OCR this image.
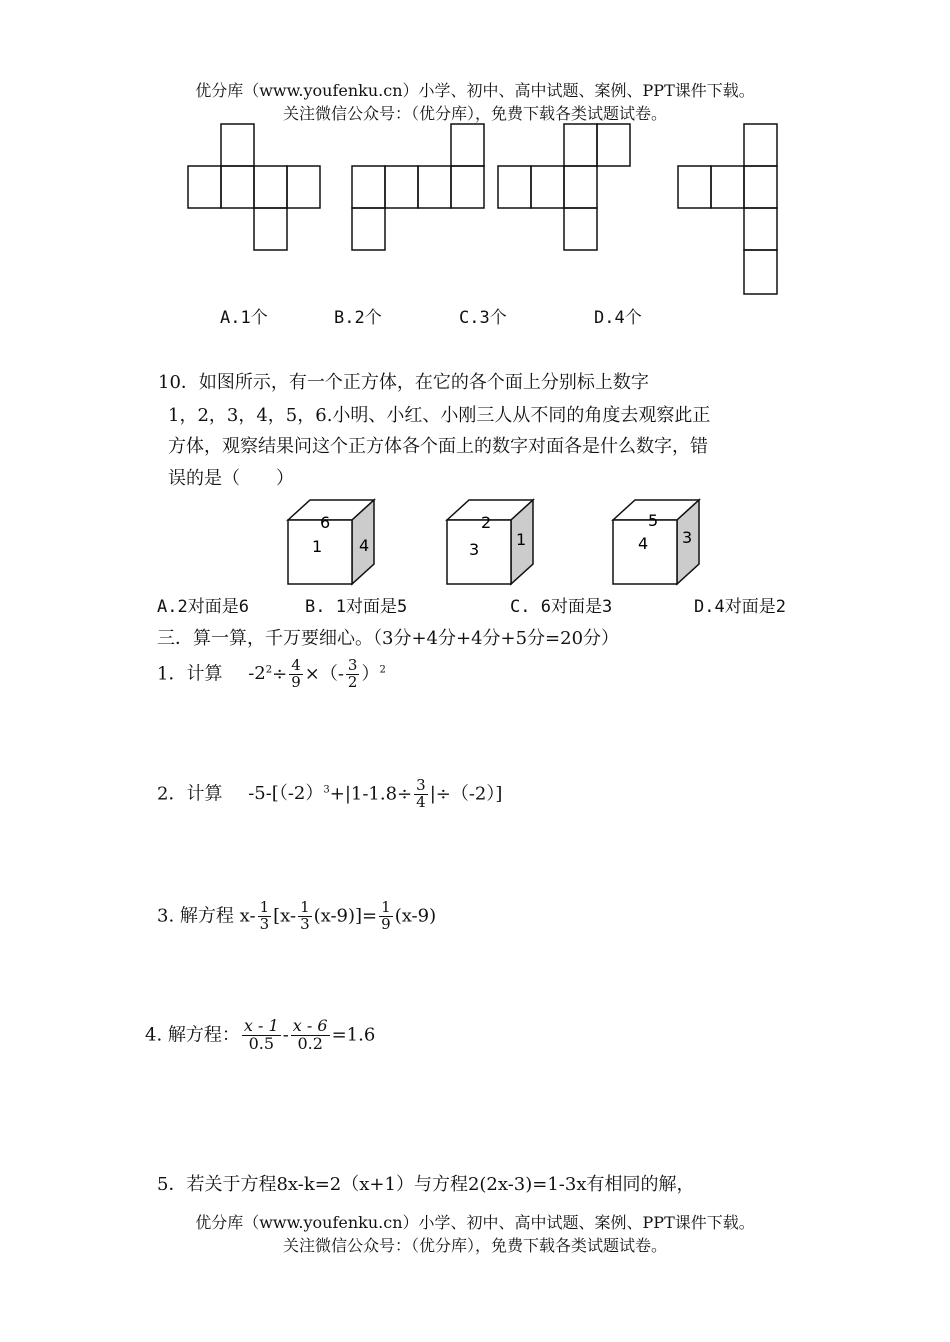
优分库（www.youfenku.cn）小学、初中、高中试题、案例、PPT课件下载。
关注微信公众号：（优分库），免费下载各类试题试卷。
A.1个	B.2个	C.3个	D.4个
10．如图所示，有一个正方体，在它的各个面上分别标上数字
1，2，3，4，5，6.小明、小红、小刚三人从不同的角度去观察此正
方体，观察结果问这个正方体各个面上的数字对面各是什么数字，错
误的是（　　）
6
1 4
2
3
1
5
4 3
A.2对面是6	B. 1对面是5	C. 6对面是3	D.4对面是2
三．算一算，千万要细心。（3分+4分+4分+5分=20分）
1．计算 $-2^2\div \frac{4}{9}$ ×（- $\frac{3}{2} )^2$
2．计算 $-5-[(-2)^3+|1-1.8\div \frac{3}{4} |\div(-2)]$
3. 解方程 $x- \frac{1}{3} [x- \frac{1}{3} (x-9)]= \frac{1}{9} (x-9)$
4. 解方程： $\frac{x - 1}{0.5} - \frac{x - 6}{0.2} =1.6$
5．若关于方程8x-k=2（x+1）与方程2(2x-3)=1-3x有相同的解，
优分库（www.youfenku.cn）小学、初中、高中试题、案例、PPT课件下载。
关注微信公众号：（优分库），免费下载各类试题试卷。
